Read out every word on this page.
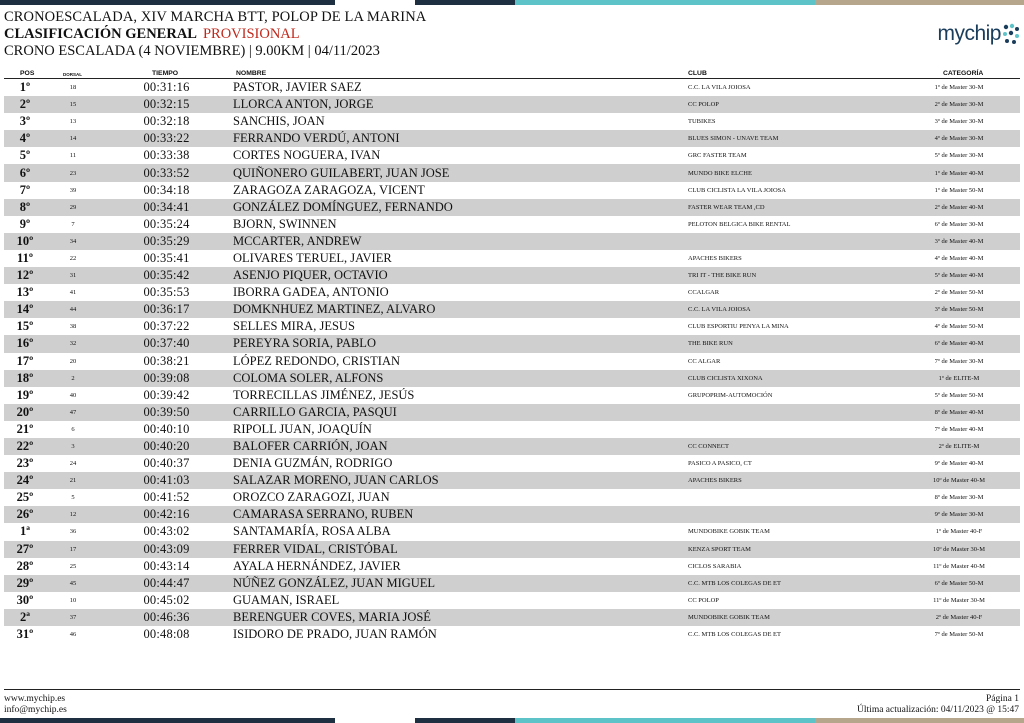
CRONOESCALADA, XIV MARCHA BTT, POLOP DE LA MARINA
CLASIFICACIÓN GENERAL PROVISIONAL
CRONO ESCALADA (4 NOVIEMBRE) | 9.00KM | 04/11/2023
mychip
POS	DORSAL	TIEMPO	NOMBRE	CLUB	CATEGORÍA
1º	18	00:31:16	PASTOR, JAVIER SAEZ	C.C. LA VILA JOIOSA	1º de Master 30-M
2º	15	00:32:15	LLORCA ANTON, JORGE	CC POLOP	2º de Master 30-M
3º	13	00:32:18	SANCHIS, JOAN	TUBIKES	3º de Master 30-M
4º	14	00:33:22	FERRANDO VERDÚ, ANTONI	BLUES SIMON - UNAVE TEAM	4º de Master 30-M
5º	11	00:33:38	CORTES NOGUERA, IVAN	GRC FASTER TEAM	5º de Master 30-M
6º	23	00:33:52	QUIÑONERO GUILABERT, JUAN JOSE	MUNDO BIKE ELCHE	1º de Master 40-M
7º	39	00:34:18	ZARAGOZA ZARAGOZA, VICENT	CLUB CICLISTA LA VILA JOIOSA	1º de Master 50-M
8º	29	00:34:41	GONZÁLEZ DOMÍNGUEZ, FERNANDO	FASTER WEAR TEAM ,CD	2º de Master 40-M
9º	7	00:35:24	BJORN, SWINNEN	PELOTON BELGICA BIKE RENTAL	6º de Master 30-M
10º	34	00:35:29	MCCARTER, ANDREW		3º de Master 40-M
11º	22	00:35:41	OLIVARES TERUEL, JAVIER	APACHES BIKERS	4º de Master 40-M
12º	31	00:35:42	ASENJO PIQUER, OCTAVIO	TRI IT - THE BIKE RUN	5º de Master 40-M
13º	41	00:35:53	IBORRA GADEA, ANTONIO	CCALGAR	2º de Master 50-M
14º	44	00:36:17	DOMKNHUEZ MARTINEZ, ALVARO	C.C. LA VILA JOIOSA	3º de Master 50-M
15º	38	00:37:22	SELLES MIRA, JESUS	CLUB ESPORTIU PENYA LA MINA	4º de Master 50-M
16º	32	00:37:40	PEREYRA SORIA, PABLO	THE BIKE RUN	6º de Master 40-M
17º	20	00:38:21	LÓPEZ REDONDO, CRISTIAN	CC ALGAR	7º de Master 30-M
18º	2	00:39:08	COLOMA SOLER, ALFONS	CLUB CICLISTA XIXONA	1º de ELITE-M
19º	40	00:39:42	TORRECILLAS JIMÉNEZ, JESÚS	GRUPOPRIM-AUTOMOCIÓN	5º de Master 50-M
20º	47	00:39:50	CARRILLO GARCIA, PASQUI		8º de Master 40-M
21º	6	00:40:10	RIPOLL JUAN, JOAQUÍN		7º de Master 40-M
22º	3	00:40:20	BALOFER CARRIÓN, JOAN	CC CONNECT	2º de ELITE-M
23º	24	00:40:37	DENIA GUZMÁN, RODRIGO	PASICO A PASICO, CT	9º de Master 40-M
24º	21	00:41:03	SALAZAR MORENO, JUAN CARLOS	APACHES BIKERS	10º de Master 40-M
25º	5	00:41:52	OROZCO ZARAGOZI, JUAN		8º de Master 30-M
26º	12	00:42:16	CAMARASA SERRANO, RUBEN		9º de Master 30-M
1ª	36	00:43:02	SANTAMARÍA, ROSA ALBA	MUNDOBIKE GOBIK TEAM	1º de Master 40-F
27º	17	00:43:09	FERRER VIDAL, CRISTÓBAL	KENZA SPORT TEAM	10º de Master 30-M
28º	25	00:43:14	AYALA HERNÁNDEZ, JAVIER	CICLOS SARABIA	11º de Master 40-M
29º	45	00:44:47	NÚÑEZ GONZÁLEZ, JUAN MIGUEL	C.C. MTB LOS COLEGAS DE ET	6º de Master 50-M
30º	10	00:45:02	GUAMAN, ISRAEL	CC POLOP	11º de Master 30-M
2ª	37	00:46:36	BERENGUER COVES, MARIA JOSÉ	MUNDOBIKE GOBIK TEAM	2º de Master 40-F
31º	46	00:48:08	ISIDORO DE PRADO, JUAN RAMÓN	C.C. MTB LOS COLEGAS DE ET	7º de Master 50-M
www.mychip.es
info@mychip.es
Página 1
Última actualización: 04/11/2023 @ 15:47
